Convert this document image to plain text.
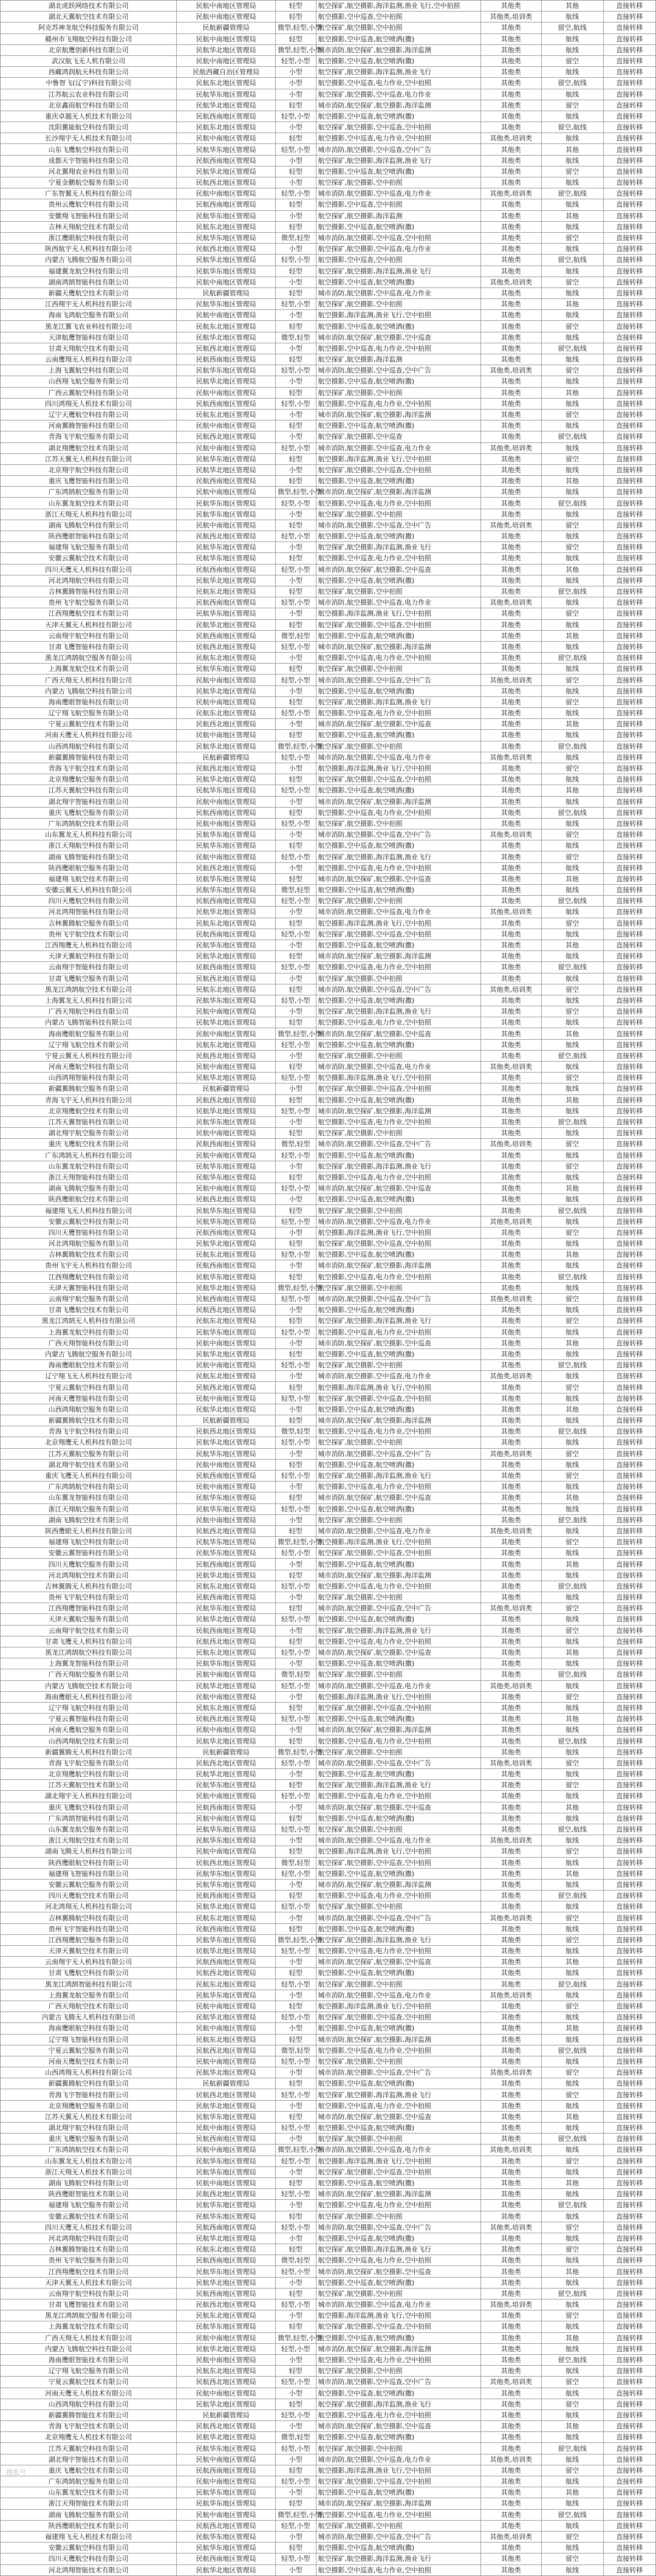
湖北虎跃网络技术有限公司	民航中南地区管理局	轻型	航空探矿,航空摄影,海洋监测,渔业飞行,空中拍照	其他类	其他	直接转移
湖北天翼航空技术有限公司	民航中南地区管理局	轻型	航空摄影,空中巡查,空中拍照	其他类,培训类	航线	直接转移
阿克苏神龙航空科技服务有限公司	民航新疆管理局	微型,轻型,小型	航空探矿,航空摄影,空中拍照	其他类	留空,航线	直接转移
赣州市飞翔航空科技有限公司	民航中南地区管理局	轻型	航空摄影,空中巡查,航空喷洒(撒)	其他类	航线	直接转移
北京航鹰创新科技有限公司	民航华北地区管理局	微型,轻型,小型	城市消防,航空探矿,航空摄影,海洋监测	其他类	航线	直接转移
武汉航飞无人机有限公司	民航中南地区管理局	轻型,小型	航空摄影,空中巡查,航空喷洒(撒)	其他类	留空	直接转移
西藏鸿润航天科技有限公司	民航西藏自治区管理局	小型	航空探矿,航空摄影,海洋监测,渔业飞行	其他类	航线	直接转移
中鲁智飞(辽宁)科技有限公司	民航东北地区管理局	小型	航空摄影,空中巡查,电力作业,空中拍照	其他类	留空,航线	直接转移
江苏航云农业科技有限公司	民航华东地区管理局	小型	航空探矿,航空摄影,空中巡查,电力作业	其他类	航线	直接转移
北京鑫雨航空科技有限公司	民航华北地区管理局	轻型	城市消防,航空探矿,航空摄影,海洋监测	其他类	留空	直接转移
重庆卓越无人机技术有限公司	民航西南地区管理局	轻型,小型	航空摄影,空中巡查,航空喷洒(撒)	其他类	航线	直接转移
沈阳翼能航空科技有限公司	民航东北地区管理局	小型	航空探矿,航空摄影,空中巡查,空中拍照	其他类	留空,航线	直接转移
长沙翔宇无人机技术有限公司	民航中南地区管理局	轻型	航空摄影,空中巡查,电力作业,空中拍照	其他类,培训类	航线	直接转移
山东飞鹰航空科技有限公司	民航华东地区管理局	轻型,小型	城市消防,航空摄影,空中巡查,空中广告	其他类	其他	直接转移
成都天宇智能科技有限公司	民航西南地区管理局	小型	航空探矿,航空摄影,海洋监测,渔业飞行	其他类	航线	直接转移
河北翼翔农业科技有限公司	民航华北地区管理局	轻型	航空摄影,空中巡查,航空喷洒(撒)	其他类	留空	直接转移
宁夏金鹏航空服务有限公司	民航西北地区管理局	小型	航空探矿,航空摄影,空中拍照	其他类	航线	直接转移
广东智翼无人机科技有限公司	民航中南地区管理局	轻型,小型	城市消防,航空摄影,空中巡查,电力作业	其他类,培训类	留空,航线	直接转移
贵州云鹰航空科技有限公司	民航西南地区管理局	轻型	航空摄影,空中巡查,空中拍照	其他类	航线	直接转移
安徽翔飞智能科技有限公司	民航华东地区管理局	小型	航空探矿,航空摄影,海洋监测	其他类	其他	直接转移
吉林天翔航空技术有限公司	民航东北地区管理局	轻型	航空摄影,空中巡查,航空喷洒(撒)	其他类	航线	直接转移
浙江鹰眼航空科技有限公司	民航华东地区管理局	微型,轻型	城市消防,航空摄影,空中巡查,空中拍照	其他类	留空	直接转移
陕西航宇无人机科技有限公司	民航西北地区管理局	小型	航空探矿,航空摄影,空中巡查,电力作业	其他类	航线	直接转移
内蒙古飞腾航空服务有限公司	民航华北地区管理局	轻型,小型	航空摄影,空中巡查,空中拍照	其他类	留空,航线	直接转移
福建翼龙航空科技有限公司	民航华东地区管理局	轻型	航空探矿,航空摄影,海洋监测,渔业飞行	其他类	航线	直接转移
湖南鸿鹄智能科技有限公司	民航中南地区管理局	小型	航空摄影,空中巡查,航空喷洒(撒)	其他类,培训类	留空	直接转移
新疆天鹰航空技术有限公司	民航新疆管理局	轻型	城市消防,航空摄影,空中巡查,电力作业	其他类	航线	直接转移
江西翔宇无人机科技有限公司	民航华东地区管理局	轻型,小型	航空探矿,航空摄影,空中拍照	其他类	其他	直接转移
海南飞鸿航空服务有限公司	民航中南地区管理局	小型	航空摄影,海洋监测,渔业飞行,空中拍照	其他类	航线	直接转移
黑龙江翼飞农业科技有限公司	民航东北地区管理局	轻型	航空摄影,空中巡查,航空喷洒(撒)	其他类	留空	直接转移
天津航鹰智能科技有限公司	民航华北地区管理局	微型,轻型	城市消防,航空探矿,航空摄影,空中巡查	其他类	航线	直接转移
甘肃天翔航空技术有限公司	民航西北地区管理局	小型	航空摄影,空中巡查,电力作业,空中拍照	其他类	留空,航线	直接转移
云南鹰翔无人机科技有限公司	民航西南地区管理局	轻型	航空探矿,航空摄影,海洋监测	其他类	航线	直接转移
上海飞翼航空科技有限公司	民航华东地区管理局	轻型,小型	城市消防,航空摄影,空中巡查,空中广告	其他类,培训类	留空	直接转移
山西翔飞航空服务有限公司	民航华北地区管理局	小型	航空摄影,空中巡查,航空喷洒(撒)	其他类	航线	直接转移
广西云翼航空科技有限公司	民航中南地区管理局	轻型	航空探矿,航空摄影,空中拍照	其他类	其他	直接转移
四川鸿翔无人机技术有限公司	民航西南地区管理局	轻型,小型	航空摄影,空中巡查,电力作业,空中拍照	其他类	航线	直接转移
辽宁天鹰航空科技有限公司	民航东北地区管理局	小型	城市消防,航空探矿,航空摄影,海洋监测	其他类	留空	直接转移
河南翼腾智能科技有限公司	民航中南地区管理局	轻型	航空摄影,空中巡查,航空喷洒(撒)	其他类	航线	直接转移
青海飞宇航空服务有限公司	民航西北地区管理局	小型	航空探矿,航空摄影,空中巡查	其他类	留空,航线	直接转移
湖北翔鹰航空技术有限公司	民航中南地区管理局	轻型,小型	城市消防,航空摄影,空中巡查,电力作业	其他类,培训类	航线	直接转移
江苏天翼无人机科技有限公司	民航华东地区管理局	轻型	航空摄影,海洋监测,渔业飞行,空中拍照	其他类	留空	直接转移
北京翔宇航空科技有限公司	民航华北地区管理局	小型	航空探矿,航空摄影,空中巡查,空中拍照	其他类	航线	直接转移
重庆飞鹰智能科技有限公司	民航西南地区管理局	轻型	航空摄影,空中巡查,航空喷洒(撒)	其他类	其他	直接转移
广东鸿鹄航空服务有限公司	民航中南地区管理局	微型,轻型,小型	城市消防,航空探矿,航空摄影,海洋监测	其他类	航线	直接转移
山东翼龙航空技术有限公司	民航华东地区管理局	轻型,小型	航空摄影,空中巡查,电力作业,空中拍照	其他类	留空,航线	直接转移
浙江天翔无人机科技有限公司	民航华东地区管理局	小型	航空探矿,航空摄影,空中拍照	其他类	航线	直接转移
湖南飞腾航空科技有限公司	民航中南地区管理局	轻型	城市消防,航空摄影,空中巡查,空中广告	其他类,培训类	留空	直接转移
陕西鹰眼智能科技有限公司	民航西北地区管理局	轻型,小型	航空摄影,空中巡查,航空喷洒(撒)	其他类	航线	直接转移
福建翔飞航空服务有限公司	民航华东地区管理局	小型	航空探矿,航空摄影,海洋监测,渔业飞行	其他类	留空	直接转移
安徽云翼航空技术有限公司	民航华东地区管理局	轻型	航空摄影,空中巡查,电力作业,空中拍照	其他类	航线	直接转移
四川天鹰无人机科技有限公司	民航西南地区管理局	轻型,小型	城市消防,航空探矿,航空摄影,空中巡查	其他类	其他	直接转移
河北鸿翔航空科技有限公司	民航华北地区管理局	小型	航空摄影,空中巡查,航空喷洒(撒)	其他类	航线	直接转移
吉林翼腾智能科技有限公司	民航东北地区管理局	轻型	航空探矿,航空摄影,空中拍照	其他类	留空,航线	直接转移
贵州飞宇航空服务有限公司	民航西南地区管理局	轻型,小型	城市消防,航空摄影,空中巡查,电力作业	其他类,培训类	航线	直接转移
江西翔鹰航空技术有限公司	民航华东地区管理局	小型	航空摄影,海洋监测,渔业飞行,空中拍照	其他类	留空	直接转移
天津天翼无人机科技有限公司	民航华北地区管理局	轻型	航空探矿,航空摄影,空中巡查,空中拍照	其他类	航线	直接转移
云南翔宇航空科技有限公司	民航西南地区管理局	微型,轻型	航空摄影,空中巡查,航空喷洒(撒)	其他类	其他	直接转移
甘肃飞鹰智能科技有限公司	民航西北地区管理局	轻型,小型	城市消防,航空探矿,航空摄影,海洋监测	其他类	航线	直接转移
黑龙江鸿鹄航空服务有限公司	民航东北地区管理局	小型	航空摄影,空中巡查,电力作业,空中拍照	其他类	留空,航线	直接转移
上海翼龙航空技术有限公司	民航华东地区管理局	轻型	航空探矿,航空摄影,空中拍照	其他类	航线	直接转移
广西天翔无人机科技有限公司	民航中南地区管理局	轻型,小型	城市消防,航空摄影,空中巡查,空中广告	其他类,培训类	留空	直接转移
内蒙古飞腾航空科技有限公司	民航华北地区管理局	小型	航空摄影,空中巡查,航空喷洒(撒)	其他类	航线	直接转移
海南鹰眼智能科技有限公司	民航中南地区管理局	轻型	航空探矿,航空摄影,海洋监测,渔业飞行	其他类	留空	直接转移
辽宁翔飞航空服务有限公司	民航东北地区管理局	轻型,小型	航空摄影,空中巡查,电力作业,空中拍照	其他类	航线	直接转移
宁夏云翼航空技术有限公司	民航西北地区管理局	小型	城市消防,航空探矿,航空摄影,空中巡查	其他类	其他	直接转移
河南天鹰无人机科技有限公司	民航中南地区管理局	轻型	航空摄影,空中巡查,航空喷洒(撒)	其他类	航线	直接转移
山西鸿翔航空科技有限公司	民航华北地区管理局	微型,轻型,小型	航空探矿,航空摄影,空中拍照	其他类	留空,航线	直接转移
新疆翼腾智能科技有限公司	民航新疆管理局	轻型,小型	城市消防,航空摄影,空中巡查,电力作业	其他类,培训类	航线	直接转移
青海飞宇航空技术有限公司	民航西北地区管理局	小型	航空摄影,海洋监测,渔业飞行,空中拍照	其他类	留空	直接转移
北京翔鹰航空服务有限公司	民航华北地区管理局	轻型	航空探矿,航空摄影,空中巡查,空中拍照	其他类	航线	直接转移
江苏天翼航空科技有限公司	民航华东地区管理局	轻型,小型	航空摄影,空中巡查,航空喷洒(撒)	其他类	其他	直接转移
湖北翔宇智能科技有限公司	民航中南地区管理局	小型	城市消防,航空探矿,航空摄影,海洋监测	其他类	航线	直接转移
重庆飞鹰航空服务有限公司	民航西南地区管理局	轻型	航空摄影,空中巡查,电力作业,空中拍照	其他类	留空,航线	直接转移
广东鸿鹄航空技术有限公司	民航中南地区管理局	轻型,小型	航空探矿,航空摄影,空中拍照	其他类	航线	直接转移
山东翼龙无人机科技有限公司	民航华东地区管理局	小型	城市消防,航空摄影,空中巡查,空中广告	其他类,培训类	留空	直接转移
浙江天翔航空科技有限公司	民航华东地区管理局	轻型	航空摄影,空中巡查,航空喷洒(撒)	其他类	航线	直接转移
湖南飞腾智能科技有限公司	民航中南地区管理局	轻型,小型	航空探矿,航空摄影,海洋监测,渔业飞行	其他类	留空	直接转移
陕西鹰眼航空服务有限公司	民航西北地区管理局	小型	航空摄影,空中巡查,电力作业,空中拍照	其他类	航线	直接转移
福建翔飞航空技术有限公司	民航华东地区管理局	轻型	城市消防,航空探矿,航空摄影,空中巡查	其他类	其他	直接转移
安徽云翼无人机科技有限公司	民航华东地区管理局	微型,轻型	航空摄影,空中巡查,航空喷洒(撒)	其他类	航线	直接转移
四川天鹰航空科技有限公司	民航西南地区管理局	轻型,小型	航空探矿,航空摄影,空中拍照	其他类	留空,航线	直接转移
河北鸿翔智能科技有限公司	民航华北地区管理局	小型	城市消防,航空摄影,空中巡查,电力作业	其他类,培训类	航线	直接转移
吉林翼腾航空服务有限公司	民航东北地区管理局	轻型	航空摄影,海洋监测,渔业飞行,空中拍照	其他类	留空	直接转移
贵州飞宇航空技术有限公司	民航西南地区管理局	轻型,小型	航空探矿,航空摄影,空中巡查,空中拍照	其他类	航线	直接转移
江西翔鹰无人机科技有限公司	民航华东地区管理局	小型	航空摄影,空中巡查,航空喷洒(撒)	其他类	其他	直接转移
天津天翼航空科技有限公司	民航华北地区管理局	轻型	城市消防,航空探矿,航空摄影,海洋监测	其他类	航线	直接转移
云南翔宇智能科技有限公司	民航西南地区管理局	轻型,小型	航空摄影,空中巡查,电力作业,空中拍照	其他类	留空,航线	直接转移
甘肃飞鹰航空服务有限公司	民航西北地区管理局	小型	航空探矿,航空摄影,空中拍照	其他类	航线	直接转移
黑龙江鸿鹄航空技术有限公司	民航东北地区管理局	轻型	城市消防,航空摄影,空中巡查,空中广告	其他类,培训类	留空	直接转移
上海翼龙无人机科技有限公司	民航华东地区管理局	轻型,小型	航空摄影,空中巡查,航空喷洒(撒)	其他类	航线	直接转移
广西天翔航空科技有限公司	民航中南地区管理局	小型	航空探矿,航空摄影,海洋监测,渔业飞行	其他类	留空	直接转移
内蒙古飞腾智能科技有限公司	民航华北地区管理局	轻型	航空摄影,空中巡查,电力作业,空中拍照	其他类	航线	直接转移
海南鹰眼航空服务有限公司	民航中南地区管理局	微型,轻型,小型	城市消防,航空探矿,航空摄影,空中巡查	其他类	其他	直接转移
辽宁翔飞航空技术有限公司	民航东北地区管理局	轻型,小型	航空摄影,空中巡查,航空喷洒(撒)	其他类	航线	直接转移
宁夏云翼无人机科技有限公司	民航西北地区管理局	小型	航空探矿,航空摄影,空中拍照	其他类	留空,航线	直接转移
河南天鹰航空科技有限公司	民航中南地区管理局	轻型	城市消防,航空摄影,空中巡查,电力作业	其他类,培训类	航线	直接转移
山西鸿翔智能科技有限公司	民航华北地区管理局	轻型,小型	航空摄影,海洋监测,渔业飞行,空中拍照	其他类	留空	直接转移
新疆翼腾航空服务有限公司	民航新疆管理局	小型	航空探矿,航空摄影,空中巡查,空中拍照	其他类	航线	直接转移
青海飞宇无人机科技有限公司	民航西北地区管理局	轻型	航空摄影,空中巡查,航空喷洒(撒)	其他类	其他	直接转移
北京翔鹰航空技术有限公司	民航华北地区管理局	轻型,小型	城市消防,航空探矿,航空摄影,海洋监测	其他类	航线	直接转移
江苏天翼智能科技有限公司	民航华东地区管理局	小型	航空摄影,空中巡查,电力作业,空中拍照	其他类	留空,航线	直接转移
湖北翔宇航空服务有限公司	民航中南地区管理局	轻型	航空探矿,航空摄影,空中拍照	其他类	航线	直接转移
重庆飞鹰航空技术有限公司	民航西南地区管理局	微型,轻型	城市消防,航空摄影,空中巡查,空中广告	其他类,培训类	留空	直接转移
广东鸿鹄无人机科技有限公司	民航中南地区管理局	轻型,小型	航空摄影,空中巡查,航空喷洒(撒)	其他类	航线	直接转移
山东翼龙航空科技有限公司	民航华东地区管理局	小型	航空探矿,航空摄影,海洋监测,渔业飞行	其他类	留空	直接转移
浙江天翔智能科技有限公司	民航华东地区管理局	轻型	航空摄影,空中巡查,电力作业,空中拍照	其他类	航线	直接转移
湖南飞腾航空服务有限公司	民航中南地区管理局	轻型,小型	城市消防,航空探矿,航空摄影,空中巡查	其他类	其他	直接转移
陕西鹰眼航空技术有限公司	民航西北地区管理局	小型	航空摄影,空中巡查,航空喷洒(撒)	其他类	航线	直接转移
福建翔飞无人机科技有限公司	民航华东地区管理局	轻型	航空探矿,航空摄影,空中拍照	其他类	留空,航线	直接转移
安徽云翼航空科技有限公司	民航华东地区管理局	轻型,小型	城市消防,航空摄影,空中巡查,电力作业	其他类,培训类	航线	直接转移
四川天鹰智能科技有限公司	民航西南地区管理局	小型	航空摄影,海洋监测,渔业飞行,空中拍照	其他类	留空	直接转移
河北鸿翔航空服务有限公司	民航华北地区管理局	轻型	航空探矿,航空摄影,空中巡查,空中拍照	其他类	航线	直接转移
吉林翼腾航空技术有限公司	民航东北地区管理局	轻型,小型	航空摄影,空中巡查,航空喷洒(撒)	其他类	其他	直接转移
贵州飞宇无人机科技有限公司	民航西南地区管理局	小型	城市消防,航空探矿,航空摄影,海洋监测	其他类	航线	直接转移
江西翔鹰航空科技有限公司	民航华东地区管理局	轻型	航空摄影,空中巡查,电力作业,空中拍照	其他类	留空,航线	直接转移
天津天翼智能科技有限公司	民航华北地区管理局	微型,轻型,小型	航空探矿,航空摄影,空中拍照	其他类	航线	直接转移
云南翔宇航空服务有限公司	民航西南地区管理局	轻型,小型	城市消防,航空摄影,空中巡查,空中广告	其他类,培训类	留空	直接转移
甘肃飞鹰航空技术有限公司	民航西北地区管理局	小型	航空摄影,空中巡查,航空喷洒(撒)	其他类	航线	直接转移
黑龙江鸿鹄无人机科技有限公司	民航东北地区管理局	轻型	航空探矿,航空摄影,海洋监测,渔业飞行	其他类	留空	直接转移
上海翼龙航空科技有限公司	民航华东地区管理局	轻型,小型	航空摄影,空中巡查,电力作业,空中拍照	其他类	航线	直接转移
广西天翔智能科技有限公司	民航中南地区管理局	小型	城市消防,航空探矿,航空摄影,空中巡查	其他类	其他	直接转移
内蒙古飞腾航空服务有限公司	民航华北地区管理局	轻型	航空摄影,空中巡查,航空喷洒(撒)	其他类	航线	直接转移
海南鹰眼航空技术有限公司	民航中南地区管理局	轻型,小型	航空探矿,航空摄影,空中拍照	其他类	留空,航线	直接转移
辽宁翔飞无人机科技有限公司	民航东北地区管理局	小型	城市消防,航空摄影,空中巡查,电力作业	其他类,培训类	航线	直接转移
宁夏云翼航空科技有限公司	民航西北地区管理局	轻型	航空摄影,海洋监测,渔业飞行,空中拍照	其他类	留空	直接转移
河南天鹰智能科技有限公司	民航中南地区管理局	轻型,小型	航空探矿,航空摄影,空中巡查,空中拍照	其他类	航线	直接转移
山西鸿翔航空服务有限公司	民航华北地区管理局	小型	航空摄影,空中巡查,航空喷洒(撒)	其他类	其他	直接转移
新疆翼腾航空技术有限公司	民航新疆管理局	轻型	城市消防,航空探矿,航空摄影,海洋监测	其他类	航线	直接转移
青海飞宇航空科技有限公司	民航西北地区管理局	微型,轻型	航空摄影,空中巡查,电力作业,空中拍照	其他类	留空,航线	直接转移
北京翔鹰无人机科技有限公司	民航华北地区管理局	轻型,小型	航空探矿,航空摄影,空中拍照	其他类	航线	直接转移
江苏天翼航空服务有限公司	民航华东地区管理局	小型	城市消防,航空摄影,空中巡查,空中广告	其他类,培训类	留空	直接转移
湖北翔宇航空技术有限公司	民航中南地区管理局	轻型	航空摄影,空中巡查,航空喷洒(撒)	其他类	航线	直接转移
重庆飞鹰无人机科技有限公司	民航西南地区管理局	轻型,小型	航空探矿,航空摄影,海洋监测,渔业飞行	其他类	留空	直接转移
广东鸿鹄航空科技有限公司	民航中南地区管理局	小型	航空摄影,空中巡查,电力作业,空中拍照	其他类	航线	直接转移
山东翼龙智能科技有限公司	民航华东地区管理局	轻型	城市消防,航空探矿,航空摄影,空中巡查	其他类	其他	直接转移
浙江天翔航空服务有限公司	民航华东地区管理局	轻型,小型	航空摄影,空中巡查,航空喷洒(撒)	其他类	航线	直接转移
湖南飞腾航空技术有限公司	民航中南地区管理局	小型	航空探矿,航空摄影,空中拍照	其他类	留空,航线	直接转移
陕西鹰眼无人机科技有限公司	民航西北地区管理局	轻型	城市消防,航空摄影,空中巡查,电力作业	其他类,培训类	航线	直接转移
福建翔飞航空科技有限公司	民航华东地区管理局	微型,轻型,小型	航空摄影,海洋监测,渔业飞行,空中拍照	其他类	留空	直接转移
安徽云翼智能科技有限公司	民航华东地区管理局	轻型,小型	航空探矿,航空摄影,空中巡查,空中拍照	其他类	航线	直接转移
四川天鹰航空服务有限公司	民航西南地区管理局	小型	航空摄影,空中巡查,航空喷洒(撒)	其他类	其他	直接转移
河北鸿翔航空技术有限公司	民航华北地区管理局	轻型	城市消防,航空探矿,航空摄影,海洋监测	其他类	航线	直接转移
吉林翼腾无人机科技有限公司	民航东北地区管理局	轻型,小型	航空摄影,空中巡查,电力作业,空中拍照	其他类	留空,航线	直接转移
贵州飞宇航空科技有限公司	民航西南地区管理局	小型	航空探矿,航空摄影,空中拍照	其他类	航线	直接转移
江西翔鹰智能科技有限公司	民航华东地区管理局	轻型	城市消防,航空摄影,空中巡查,空中广告	其他类,培训类	留空	直接转移
天津天翼航空服务有限公司	民航华北地区管理局	轻型,小型	航空摄影,空中巡查,航空喷洒(撒)	其他类	航线	直接转移
云南翔宇航空技术有限公司	民航西南地区管理局	小型	航空探矿,航空摄影,海洋监测,渔业飞行	其他类	留空	直接转移
甘肃飞鹰无人机科技有限公司	民航西北地区管理局	轻型	航空摄影,空中巡查,电力作业,空中拍照	其他类	航线	直接转移
黑龙江鸿鹄航空科技有限公司	民航东北地区管理局	轻型,小型	城市消防,航空探矿,航空摄影,空中巡查	其他类	其他	直接转移
上海翼龙智能科技有限公司	民航华东地区管理局	小型	航空摄影,空中巡查,航空喷洒(撒)	其他类	航线	直接转移
广西天翔航空服务有限公司	民航中南地区管理局	微型,轻型	航空探矿,航空摄影,空中拍照	其他类	留空,航线	直接转移
内蒙古飞腾航空技术有限公司	民航华北地区管理局	轻型,小型	城市消防,航空摄影,空中巡查,电力作业	其他类,培训类	航线	直接转移
海南鹰眼无人机科技有限公司	民航中南地区管理局	小型	航空摄影,海洋监测,渔业飞行,空中拍照	其他类	留空	直接转移
辽宁翔飞航空科技有限公司	民航东北地区管理局	轻型	航空探矿,航空摄影,空中巡查,空中拍照	其他类	航线	直接转移
宁夏云翼智能科技有限公司	民航西北地区管理局	轻型,小型	航空摄影,空中巡查,航空喷洒(撒)	其他类	其他	直接转移
河南天鹰航空服务有限公司	民航中南地区管理局	小型	城市消防,航空探矿,航空摄影,海洋监测	其他类	航线	直接转移
山西鸿翔航空技术有限公司	民航华北地区管理局	轻型	航空摄影,空中巡查,电力作业,空中拍照	其他类	留空,航线	直接转移
新疆翼腾无人机科技有限公司	民航新疆管理局	微型,轻型,小型	航空探矿,航空摄影,空中拍照	其他类	航线	直接转移
青海飞宇航空服务有限公司	民航西北地区管理局	轻型,小型	城市消防,航空摄影,空中巡查,空中广告	其他类,培训类	留空	直接转移
北京翔鹰航空科技有限公司	民航华北地区管理局	小型	航空摄影,空中巡查,航空喷洒(撒)	其他类	航线	直接转移
江苏天翼航空技术有限公司	民航华东地区管理局	轻型	航空探矿,航空摄影,海洋监测,渔业飞行	其他类	留空	直接转移
湖北翔宇无人机科技有限公司	民航中南地区管理局	轻型,小型	航空摄影,空中巡查,电力作业,空中拍照	其他类	航线	直接转移
重庆飞鹰航空科技有限公司	民航西南地区管理局	小型	城市消防,航空探矿,航空摄影,空中巡查	其他类	其他	直接转移
广东鸿鹄智能科技有限公司	民航中南地区管理局	轻型	航空摄影,空中巡查,航空喷洒(撒)	其他类	航线	直接转移
山东翼龙航空服务有限公司	民航华东地区管理局	轻型,小型	航空探矿,航空摄影,空中拍照	其他类	留空,航线	直接转移
浙江天翔航空技术有限公司	民航华东地区管理局	小型	城市消防,航空摄影,空中巡查,电力作业	其他类,培训类	航线	直接转移
湖南飞腾无人机科技有限公司	民航中南地区管理局	轻型	航空摄影,海洋监测,渔业飞行,空中拍照	其他类	留空	直接转移
陕西鹰眼航空科技有限公司	民航西北地区管理局	微型,轻型	航空探矿,航空摄影,空中巡查,空中拍照	其他类	航线	直接转移
福建翔飞智能科技有限公司	民航华东地区管理局	轻型,小型	航空摄影,空中巡查,航空喷洒(撒)	其他类	其他	直接转移
安徽云翼航空服务有限公司	民航华东地区管理局	小型	城市消防,航空探矿,航空摄影,海洋监测	其他类	航线	直接转移
四川天鹰航空技术有限公司	民航西南地区管理局	轻型	航空摄影,空中巡查,电力作业,空中拍照	其他类	留空,航线	直接转移
河北鸿翔无人机科技有限公司	民航华北地区管理局	轻型,小型	航空探矿,航空摄影,空中拍照	其他类	航线	直接转移
吉林翼腾航空科技有限公司	民航东北地区管理局	小型	城市消防,航空摄影,空中巡查,空中广告	其他类,培训类	留空	直接转移
贵州飞宇智能科技有限公司	民航西南地区管理局	轻型	航空摄影,空中巡查,航空喷洒(撒)	其他类	航线	直接转移
江西翔鹰航空服务有限公司	民航华东地区管理局	微型,轻型,小型	航空探矿,航空摄影,海洋监测,渔业飞行	其他类	留空	直接转移
天津天翼航空技术有限公司	民航华北地区管理局	轻型,小型	航空摄影,空中巡查,电力作业,空中拍照	其他类	航线	直接转移
云南翔宇无人机科技有限公司	民航西南地区管理局	小型	城市消防,航空探矿,航空摄影,空中巡查	其他类	其他	直接转移
甘肃飞鹰航空科技有限公司	民航西北地区管理局	轻型	航空摄影,空中巡查,航空喷洒(撒)	其他类	航线	直接转移
黑龙江鸿鹄智能科技有限公司	民航东北地区管理局	轻型,小型	航空探矿,航空摄影,空中拍照	其他类	留空,航线	直接转移
上海翼龙航空服务有限公司	民航华东地区管理局	小型	城市消防,航空摄影,空中巡查,电力作业	其他类,培训类	航线	直接转移
广西天翔航空技术有限公司	民航中南地区管理局	轻型	航空摄影,海洋监测,渔业飞行,空中拍照	其他类	留空	直接转移
内蒙古飞腾无人机科技有限公司	民航华北地区管理局	轻型,小型	航空探矿,航空摄影,空中巡查,空中拍照	其他类	航线	直接转移
海南鹰眼航空科技有限公司	民航中南地区管理局	小型	航空摄影,空中巡查,航空喷洒(撒)	其他类	其他	直接转移
辽宁翔飞智能科技有限公司	民航东北地区管理局	轻型	城市消防,航空探矿,航空摄影,海洋监测	其他类	航线	直接转移
宁夏云翼航空服务有限公司	民航西北地区管理局	微型,轻型	航空摄影,空中巡查,电力作业,空中拍照	其他类	留空,航线	直接转移
河南天鹰航空技术有限公司	民航中南地区管理局	轻型,小型	航空探矿,航空摄影,空中拍照	其他类	航线	直接转移
山西鸿翔无人机科技有限公司	民航华北地区管理局	小型	城市消防,航空摄影,空中巡查,空中广告	其他类,培训类	留空	直接转移
新疆翼腾航空科技有限公司	民航新疆管理局	轻型	航空摄影,空中巡查,航空喷洒(撒)	其他类	航线	直接转移
青海飞宇智能科技有限公司	民航西北地区管理局	轻型,小型	航空探矿,航空摄影,海洋监测,渔业飞行	其他类	留空	直接转移
北京翔鹰航空服务有限公司	民航华北地区管理局	小型	航空摄影,空中巡查,电力作业,空中拍照	其他类	航线	直接转移
江苏天翼无人机技术有限公司	民航华东地区管理局	轻型	城市消防,航空探矿,航空摄影,空中巡查	其他类	其他	直接转移
湖北翔宇航空科技有限公司	民航中南地区管理局	轻型,小型	航空摄影,空中巡查,航空喷洒(撒)	其他类	航线	直接转移
重庆飞鹰航空服务有限公司	民航西南地区管理局	小型	航空探矿,航空摄影,空中拍照	其他类	留空,航线	直接转移
广东鸿鹄航空技术有限公司	民航中南地区管理局	微型,轻型,小型	城市消防,航空摄影,空中巡查,电力作业	其他类,培训类	航线	直接转移
山东翼龙无人机技术有限公司	民航华东地区管理局	轻型,小型	航空摄影,海洋监测,渔业飞行,空中拍照	其他类	留空	直接转移
浙江天翔无人机技术有限公司	民航华东地区管理局	小型	航空探矿,航空摄影,空中巡查,空中拍照	其他类	航线	直接转移
湖南飞腾航空科技有限公司	民航中南地区管理局	轻型	航空摄影,空中巡查,航空喷洒(撒)	其他类	其他	直接转移
陕西鹰眼智能技术有限公司	民航西北地区管理局	轻型,小型	城市消防,航空探矿,航空摄影,海洋监测	其他类	航线	直接转移
福建翔飞航空服务有限公司	民航华东地区管理局	小型	航空摄影,空中巡查,电力作业,空中拍照	其他类	留空,航线	直接转移
安徽云翼航空技术有限公司	民航华东地区管理局	轻型	航空探矿,航空摄影,空中拍照	其他类	航线	直接转移
四川天鹰无人机技术有限公司	民航西南地区管理局	轻型,小型	城市消防,航空摄影,空中巡查,空中广告	其他类,培训类	留空	直接转移
河北鸿翔航空科技有限公司	民航华北地区管理局	小型	航空摄影,空中巡查,航空喷洒(撒)	其他类	航线	直接转移
吉林翼腾智能技术有限公司	民航东北地区管理局	轻型	航空探矿,航空摄影,海洋监测,渔业飞行	其他类	留空	直接转移
贵州飞宇航空服务有限公司	民航西南地区管理局	微型,轻型	航空摄影,空中巡查,电力作业,空中拍照	其他类	航线	直接转移
江西翔鹰航空技术有限公司	民航华东地区管理局	轻型,小型	城市消防,航空探矿,航空摄影,空中巡查	其他类	其他	直接转移
天津天翼无人机技术有限公司	民航华北地区管理局	小型	航空摄影,空中巡查,航空喷洒(撒)	其他类	航线	直接转移
云南翔宇航空科技有限公司	民航西南地区管理局	轻型	航空探矿,航空摄影,空中拍照	其他类	留空,航线	直接转移
甘肃飞鹰智能技术有限公司	民航西北地区管理局	轻型,小型	城市消防,航空摄影,空中巡查,电力作业	其他类,培训类	航线	直接转移
黑龙江鸿鹄航空服务有限公司	民航东北地区管理局	小型	航空摄影,海洋监测,渔业飞行,空中拍照	其他类	留空	直接转移
上海翼龙航空技术有限公司	民航华东地区管理局	轻型	航空探矿,航空摄影,空中巡查,空中拍照	其他类	航线	直接转移
广西天翔无人机技术有限公司	民航中南地区管理局	微型,轻型,小型	航空摄影,空中巡查,航空喷洒(撒)	其他类	其他	直接转移
内蒙古飞腾航空科技有限公司	民航华北地区管理局	轻型,小型	城市消防,航空探矿,航空摄影,海洋监测	其他类	航线	直接转移
海南鹰眼智能技术有限公司	民航中南地区管理局	小型	航空摄影,空中巡查,电力作业,空中拍照	其他类	留空,航线	直接转移
辽宁翔飞航空服务有限公司	民航东北地区管理局	轻型	航空探矿,航空摄影,空中拍照	其他类	航线	直接转移
宁夏云翼航空技术有限公司	民航西北地区管理局	轻型,小型	城市消防,航空摄影,空中巡查,空中广告	其他类,培训类	留空	直接转移
河南天鹰无人机技术有限公司	民航中南地区管理局	小型	航空摄影,空中巡查,航空喷洒(撒)	其他类	航线	直接转移
山西鸿翔航空科技有限公司	民航华北地区管理局	轻型	航空探矿,航空摄影,海洋监测,渔业飞行	其他类	留空	直接转移
新疆翼腾智能技术有限公司	民航新疆管理局	轻型,小型	航空摄影,空中巡查,电力作业,空中拍照	其他类	航线	直接转移
青海飞宇航空技术有限公司	民航西北地区管理局	小型	城市消防,航空探矿,航空摄影,空中巡查	其他类	其他	直接转移
北京翔鹰无人机技术有限公司	民航华北地区管理局	微型,轻型	航空摄影,空中巡查,航空喷洒(撒)	其他类	航线	直接转移
江苏天翼航空科技有限公司	民航华东地区管理局	轻型,小型	航空探矿,航空摄影,空中拍照	其他类	留空,航线	直接转移
湖北翔宇智能技术有限公司	民航中南地区管理局	小型	城市消防,航空摄影,空中巡查,电力作业	其他类,培训类	航线	直接转移
重庆飞鹰航空技术有限公司	民航西南地区管理局	轻型	航空摄影,海洋监测,渔业飞行,空中拍照	其他类	留空	直接转移
广东鸿鹄航空服务有限公司	民航中南地区管理局	轻型,小型	航空探矿,航空摄影,空中巡查,空中拍照	其他类	航线	直接转移
山东翼龙航空技术有限公司	民航华东地区管理局	小型	航空摄影,空中巡查,航空喷洒(撒)	其他类	其他	直接转移
浙江天翔智能技术有限公司	民航华东地区管理局	轻型	城市消防,航空探矿,航空摄影,海洋监测	其他类	航线	直接转移
湖南飞腾航空服务有限公司	民航中南地区管理局	微型,轻型,小型	航空摄影,空中巡查,电力作业,空中拍照	其他类	留空,航线	直接转移
陕西鹰眼航空技术有限公司	民航西北地区管理局	轻型,小型	航空探矿,航空摄影,空中拍照	其他类	航线	直接转移
福建翔飞无人机技术有限公司	民航华东地区管理局	小型	城市消防,航空摄影,空中巡查,空中广告	其他类,培训类	留空	直接转移
安徽云翼航空科技有限公司	民航华东地区管理局	轻型	航空摄影,空中巡查,航空喷洒(撒)	其他类	航线	直接转移
四川天鹰航空科技有限公司	民航西南地区管理局	轻型,小型	航空探矿,航空摄影,海洋监测,渔业飞行	其他类	留空	直接转移
河北鸿翔智能技术有限公司	民航华北地区管理局	小型	航空摄影,空中巡查,电力作业,空中拍照	其他类	航线	直接转移
搜狐号
